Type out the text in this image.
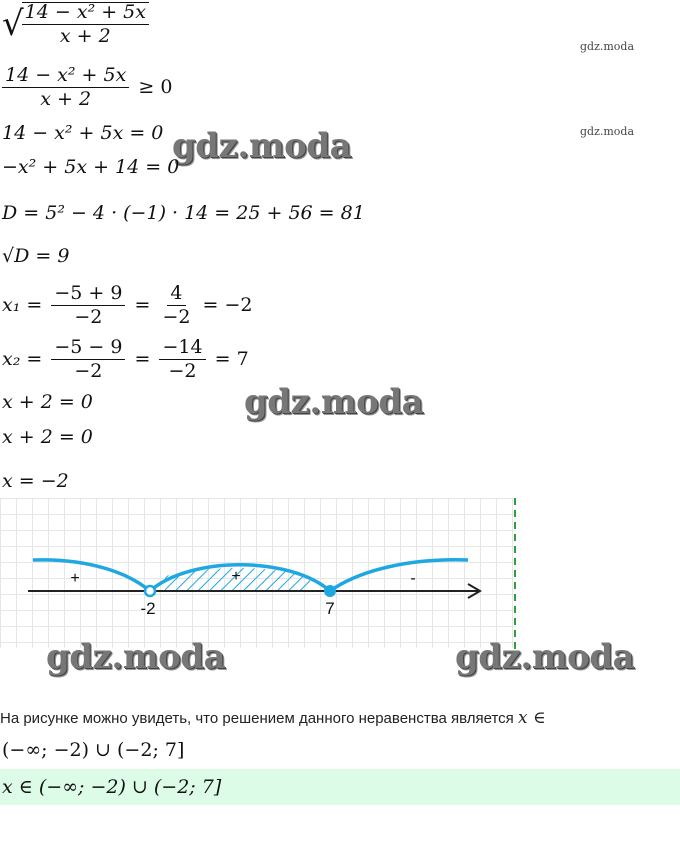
√
$\frac{\text{14 − x² + 5x}}{x + 2}$
gdz.moda
$\frac{\text{14 − x² + 5x}}{x + 2} \ge 0$
14 − x² + 5x = 0	gdz.moda
gdz.moda
−x² + 5x + 14 = 0
D = 5² − 4 · (−1) · 14 = 25 + 56 = 81
√D = 9
$x_1 = \frac{-5 + 9}{-2} = \frac{4}{-2} = -2$
$x_2 = \frac{-5 - 9}{-2} = \frac{-14}{-2} = 7$
x + 2 = 0	gdz.moda
x + 2 = 0
x = −2
-2	7
+	+	-
gdz.moda	gdz.moda
На рисунке можно увидеть, что решением данного неравенства является x ∈
(−∞; −2) ∪ (−2; 7]
x ∈ (−∞; −2) ∪ (−2; 7]
